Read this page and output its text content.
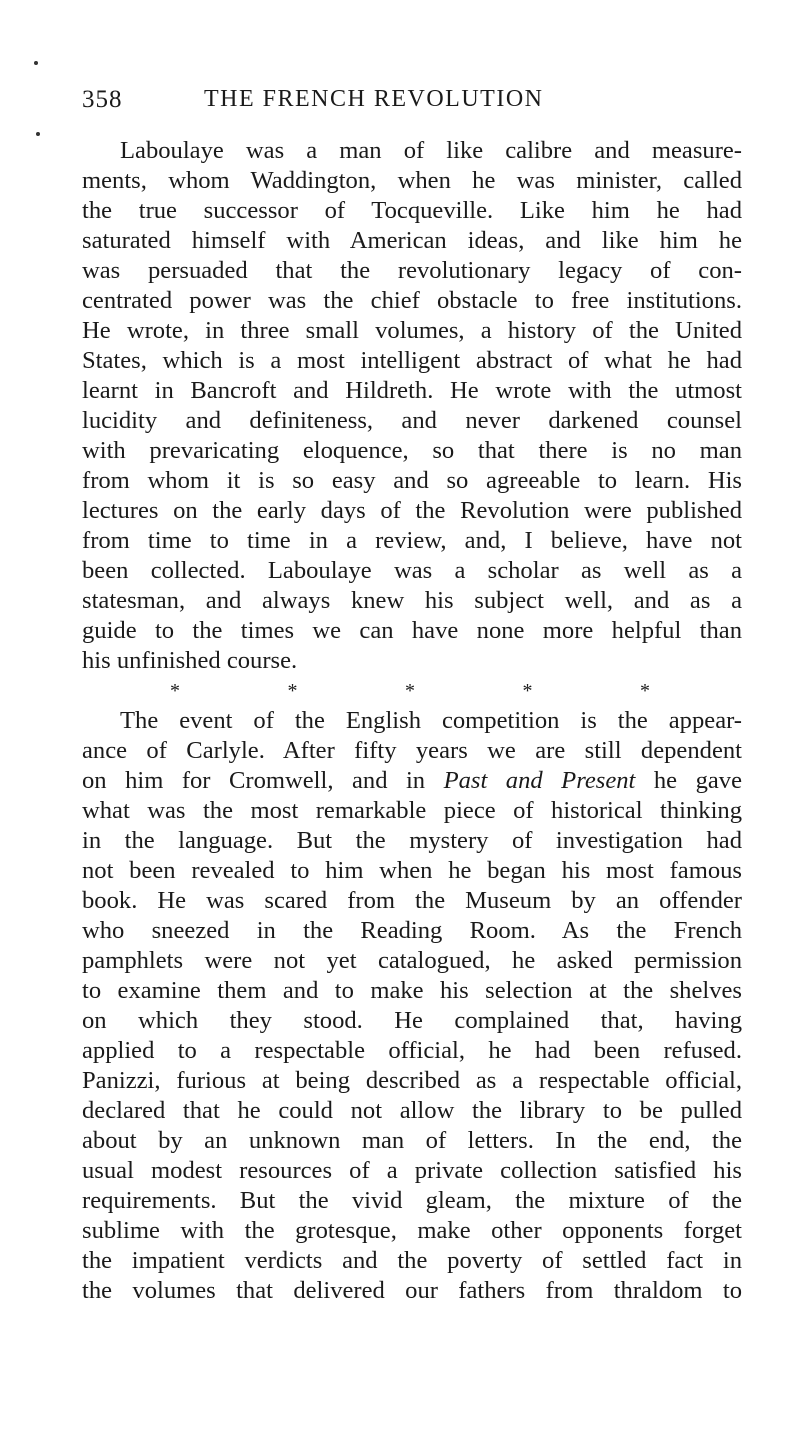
358	THE FRENCH REVOLUTION
Laboulaye was a man of like calibre and measure-
ments, whom Waddington, when he was minister, called
the true successor of Tocqueville. Like him he had
saturated himself with American ideas, and like him he
was persuaded that the revolutionary legacy of con-
centrated power was the chief obstacle to free institutions.
He wrote, in three small volumes, a history of the United
States, which is a most intelligent abstract of what he had
learnt in Bancroft and Hildreth. He wrote with the utmost
lucidity and definiteness, and never darkened counsel
with prevaricating eloquence, so that there is no man
from whom it is so easy and so agreeable to learn. His
lectures on the early days of the Revolution were published
from time to time in a review, and, I believe, have not
been collected. Laboulaye was a scholar as well as a
statesman, and always knew his subject well, and as a
guide to the times we can have none more helpful than
his unfinished course.
*	*	*	*	*
The event of the English competition is the appear-
ance of Carlyle. After fifty years we are still dependent
on him for Cromwell, and in Past and Present he gave
what was the most remarkable piece of historical thinking
in the language. But the mystery of investigation had
not been revealed to him when he began his most famous
book. He was scared from the Museum by an offender
who sneezed in the Reading Room. As the French
pamphlets were not yet catalogued, he asked permission
to examine them and to make his selection at the shelves
on which they stood. He complained that, having
applied to a respectable official, he had been refused.
Panizzi, furious at being described as a respectable official,
declared that he could not allow the library to be pulled
about by an unknown man of letters. In the end, the
usual modest resources of a private collection satisfied his
requirements. But the vivid gleam, the mixture of the
sublime with the grotesque, make other opponents forget
the impatient verdicts and the poverty of settled fact in
the volumes that delivered our fathers from thraldom to
